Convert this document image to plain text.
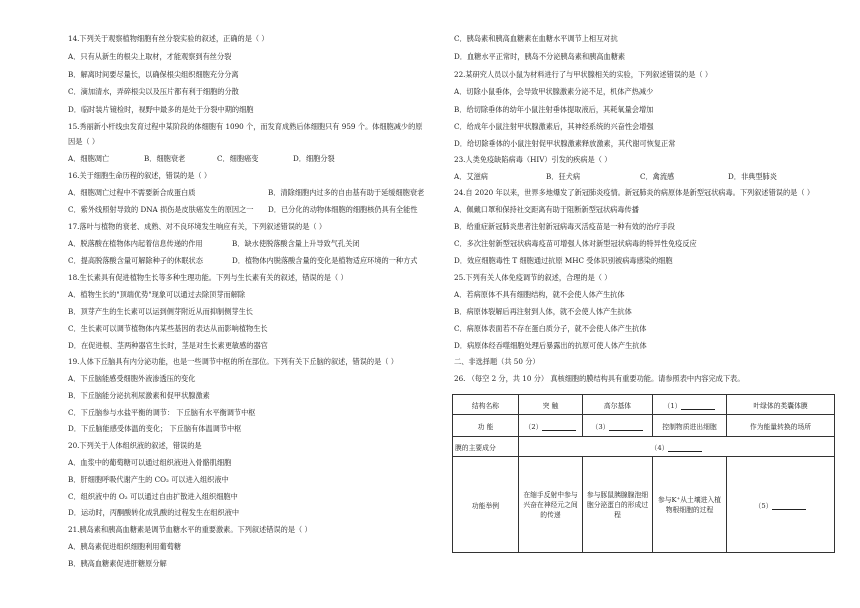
14.下列关于观察植物细胞有丝分裂实验的叙述，正确的是（ ）
A．只有从新生的根尖上取材，才能观察到有丝分裂
B．解离时间要尽量长，以确保根尖组织细胞充分分离
C．滴加清水，弄碎根尖以及压片都有利于细胞的分散
D．临时装片镜检时，视野中最多的是处于分裂中期的细胞
15.秀丽新小杆线虫发育过程中某阶段的体细胞有 1090 个，而发育成熟后体细胞只有 959 个。体细胞减少的原
因是（ ）
A．细胞凋亡	B．细胞衰老	C．细胞癌变	D．细胞分裂
16.关于细胞生命历程的叙述，错误的是（ ）
A．细胞凋亡过程中不需要新合成蛋白质	B．清除细胞内过多的自由基有助于延缓细胞衰老
C．紫外线照射导致的 DNA 损伤是皮肤癌发生的原因之一 D．已分化的动物体细胞的细胞核仍具有全能性
17.落叶与植物的衰老、成熟、对不良环境发生响应有关，下列叙述错误的是（ ）
A．脱落酸在植物体内起着信息传递的作用	B．缺水使脱落酸含量上升导致气孔关闭
C．提高脱落酸含量可解除种子的休眠状态	D．植物体内脱落酸含量的变化是植物适应环境的一种方式
18.生长素具有促进植物生长等多种生理功能。下列与生长素有关的叙述，错误的是（ ）
A．植物生长的"顶端优势"现象可以通过去除顶芽而解除
B．顶芽产生的生长素可以运到侧芽附近从而抑制侧芽生长
C．生长素可以调节植物体内某些基因的表达从而影响植物生长
D．在促进根、茎两种器官生长时，茎是对生长素更敏感的器官
19.人体下丘脑具有内分泌功能，也是一些调节中枢的所在部位。下列有关下丘脑的叙述，错误的是（ ）
A．下丘脑能感受细胞外液渗透压的变化
B．下丘脑能分泌抗利尿激素和促甲状腺激素
C．下丘脑参与水盐平衡的调节： 下丘脑有水平衡调节中枢
D．下丘脑能感受体温的变化； 下丘脑有体温调节中枢
20.下列关于人体组织液的叙述，错误的是
A．血浆中的葡萄糖可以通过组织液进入骨骼肌细胞
B．肝细胞呼吸代谢产生的 CO₂ 可以进入组织液中
C．组织液中的 O₂ 可以通过自由扩散进入组织细胞中
D．运动时，丙酮酸转化成乳酸的过程发生在组织液中
21.胰岛素和胰高血糖素是调节血糖水平的重要激素。下列叙述错误的是（ ）
A．胰岛素促进组织细胞利用葡萄糖
B．胰高血糖素促进肝糖原分解
C．胰岛素和胰高血糖素在血糖水平调节上相互对抗
D．血糖水平正常时，胰岛不分泌胰岛素和胰高血糖素
22.某研究人员以小鼠为材料进行了与甲状腺相关的实验，下列叙述错误的是（ ）
A．切除小鼠垂体，会导致甲状腺激素分泌不足，机体产热减少
B．给切除垂体的幼年小鼠注射垂体提取液后，其耗氧量会增加
C．给成年小鼠注射甲状腺激素后，其神经系统的兴奋性会增强
D．给切除垂体的小鼠注射促甲状腺激素释放激素，其代谢可恢复正常
23.人类免疫缺陷病毒（HIV）引发的疾病是（ ）
A．艾滋病	B．狂犬病	C．禽流感	D．非典型肺炎
24.自 2020 年以来，世界多地爆发了新冠肺炎疫情。新冠肺炎的病原体是新型冠状病毒。下列叙述错误的是（ ）
A．佩戴口罩和保持社交距离有助于阻断新型冠状病毒传播
B．给重症新冠肺炎患者注射新冠病毒灭活疫苗是一种有效的治疗手段
C．多次注射新型冠状病毒疫苗可增强人体对新型冠状病毒的特异性免疫反应
D．效应细胞毒性 T 细胞通过抗原 MHC 受体识别被病毒感染的细胞
25.下列有关人体免疫调节的叙述，合理的是（ ）
A．若病原体不具有细胞结构，就不会使人体产生抗体
B．病原体裂解后再注射到人体，就不会使人体产生抗体
C．病原体表面若不存在蛋白质分子，就不会使人体产生抗体
D．病原体经吞噬细胞处理后暴露出的抗原可使人体产生抗体
二、非选择题（共 50 分）
26. （每空 2 分，共 10 分） 真核细胞的膜结构具有重要功能。请参照表中内容完成下表。
结构名称	突 触	高尔基体	（1）	叶绿体的类囊体膜
功 能	（2）	（3）	控制物质进出细胞	作为能量转换的场所
膜的主要成分	（4）			
功能举例	在缩手反射中参与兴奋在神经元之间的传递	参与豚鼠胰腺腺泡细胞分泌蛋白的形成过程	参与K⁺从土壤进入植物根细胞的过程	（5）
